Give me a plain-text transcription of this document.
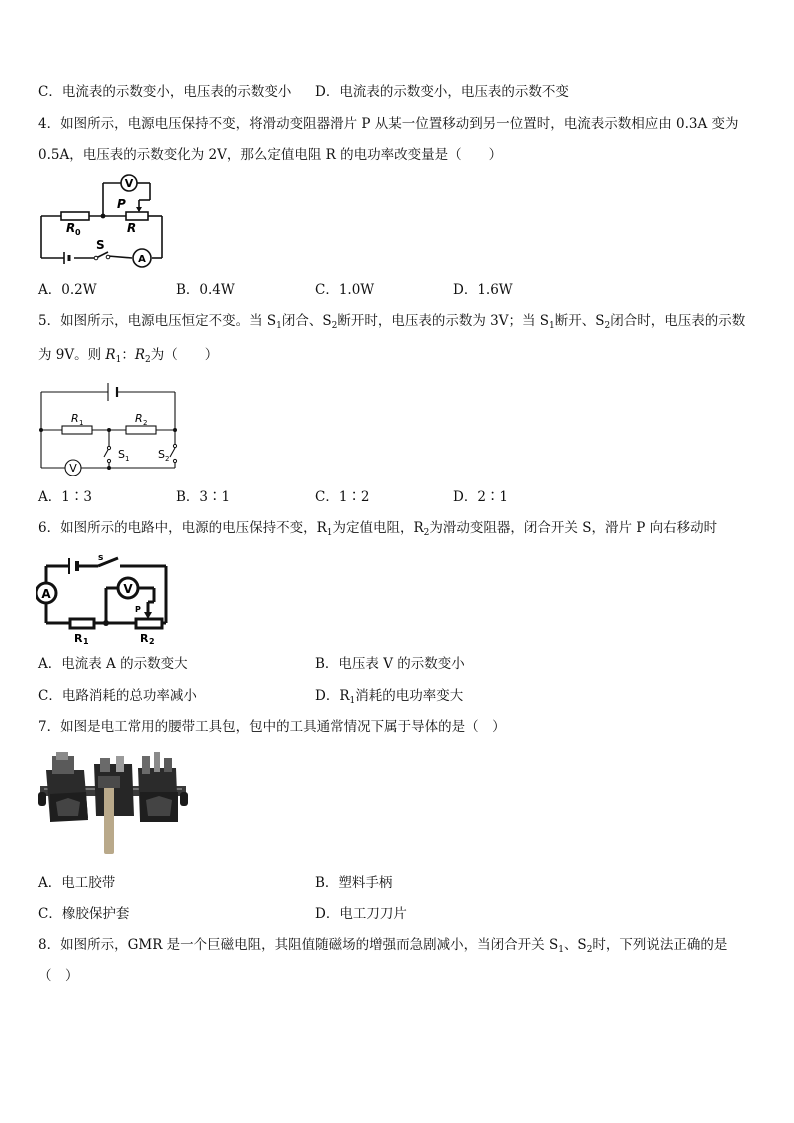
C．电流表的示数变小，电压表的示数变小 D．电流表的示数变小，电压表的示数不变
4．如图所示，电源电压保持不变，将滑动变阻器滑片 P 从某一位置移动到另一位置时，电流表示数相应由 0.3A 变为
0.5A，电压表的示数变化为 2V，那么定值电阻 R 的电功率改变量是（　　）
V
P
R 0	R
S
A
A．0.2W	B．0.4W	C．1.0W	D．1.6W
5．如图所示，电源电压恒定不变。当 $S_1$闭合、$S_2$断开时，电压表的示数为 3V；当 $S_1$断开、$S_2$闭合时，电压表的示数
为 9V。则 $R_1$：$R_2$为（　　）
R 1	R 2
S 1	S 2
V
A．1∶3	B．3∶1	C．1∶2	D．2∶1
6．如图所示的电路中，电源的电压保持不变，$R_1$为定值电阻，$R_2$为滑动变阻器，闭合开关 S，滑片 P 向右移动时
s
A	V
P
R 1	R 2
A．电流表 A 的示数变大	B．电压表 V 的示数变小
C．电路消耗的总功率减小	D．$R_1$消耗的电功率变大
7．如图是电工常用的腰带工具包，包中的工具通常情况下属于导体的是（　）
A．电工胶带	B．塑料手柄
C．橡胶保护套	D．电工刀刀片
8．如图所示，GMR 是一个巨磁电阻，其阻值随磁场的增强而急剧减小，当闭合开关 $S_1$、$S_2$时，下列说法正确的是
（　）
